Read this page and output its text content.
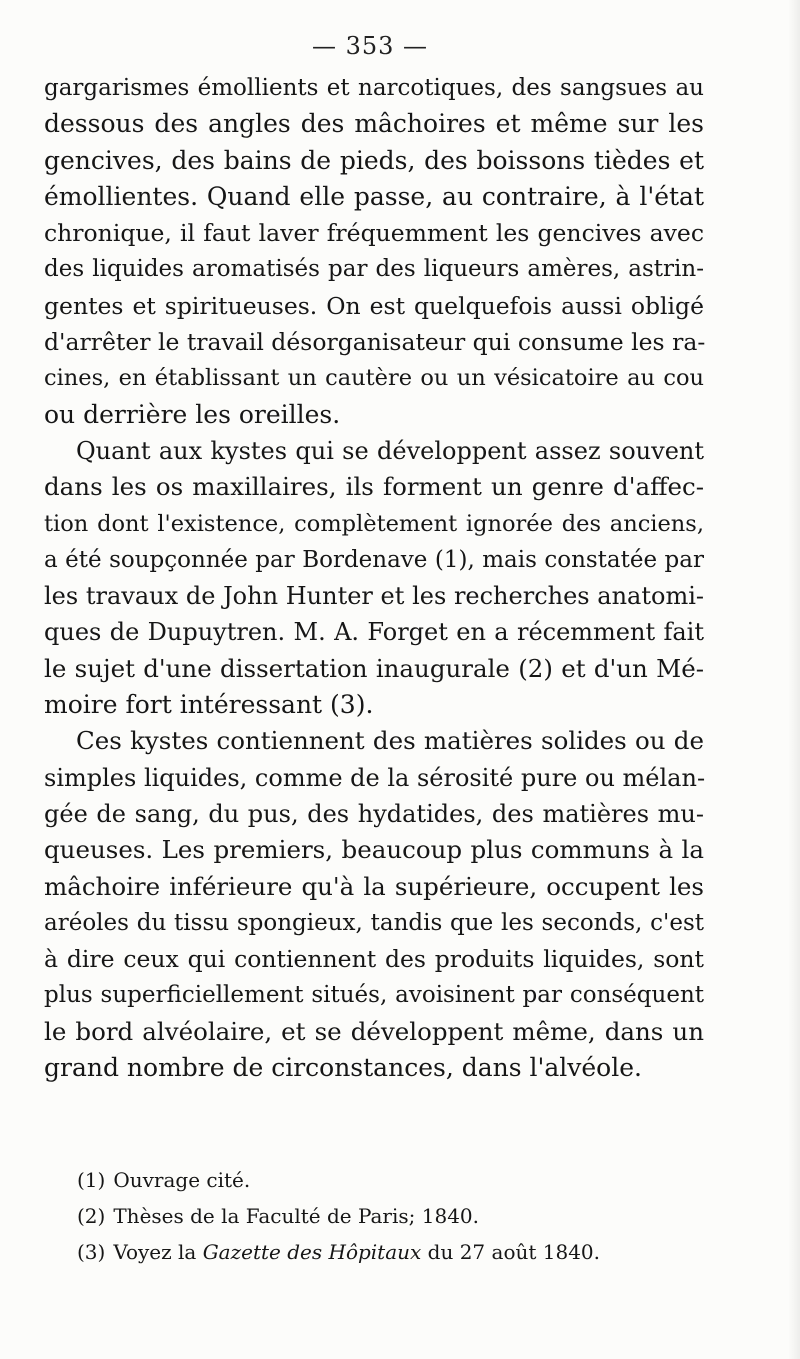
— 353 —
gargarismes émollients et narcotiques, des sangsues au
dessous des angles des mâchoires et même sur les
gencives, des bains de pieds, des boissons tièdes et
émollientes. Quand elle passe, au contraire, à l'état
chronique, il faut laver fréquemment les gencives avec
des liquides aromatisés par des liqueurs amères, astrin-
gentes et spiritueuses. On est quelquefois aussi obligé
d'arrêter le travail désorganisateur qui consume les ra-
cines, en établissant un cautère ou un vésicatoire au cou
ou derrière les oreilles.
Quant aux kystes qui se développent assez souvent
dans les os maxillaires, ils forment un genre d'affec-
tion dont l'existence, complètement ignorée des anciens,
a été soupçonnée par Bordenave (1), mais constatée par
les travaux de John Hunter et les recherches anatomi-
ques de Dupuytren. M. A. Forget en a récemment fait
le sujet d'une dissertation inaugurale (2) et d'un Mé-
moire fort intéressant (3).
Ces kystes contiennent des matières solides ou de
simples liquides, comme de la sérosité pure ou mélan-
gée de sang, du pus, des hydatides, des matières mu-
queuses. Les premiers, beaucoup plus communs à la
mâchoire inférieure qu'à la supérieure, occupent les
aréoles du tissu spongieux, tandis que les seconds, c'est
à dire ceux qui contiennent des produits liquides, sont
plus superficiellement situés, avoisinent par conséquent
le bord alvéolaire, et se développent même, dans un
grand nombre de circonstances, dans l'alvéole.
(1) Ouvrage cité.
(2) Thèses de la Faculté de Paris; 1840.
(3) Voyez la Gazette des Hôpitaux du 27 août 1840.
